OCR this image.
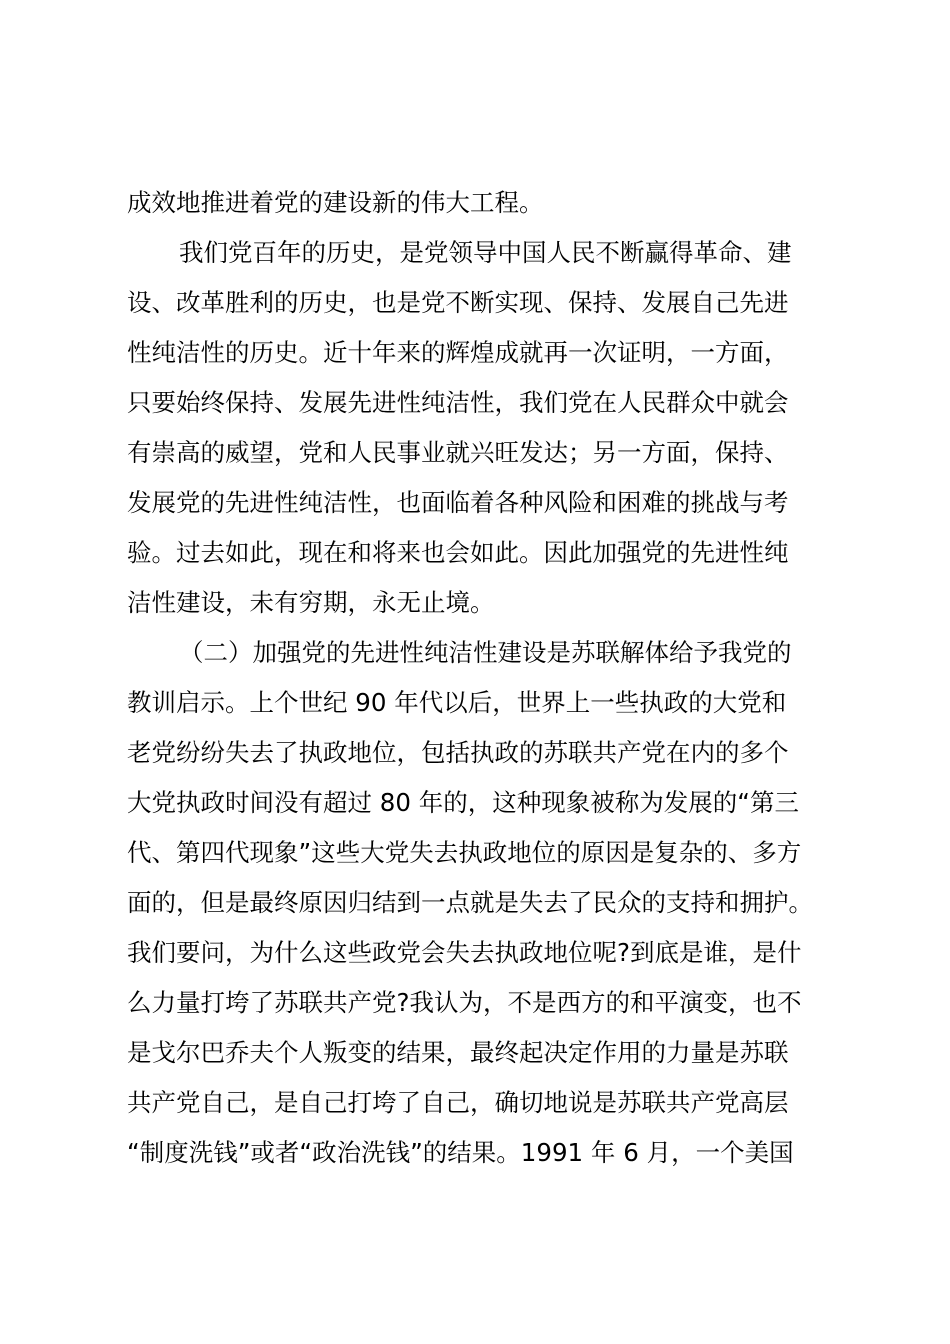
成效地推进着党的建设新的伟大工程。
我们党百年的历史，是党领导中国人民不断赢得革命、建
设、改革胜利的历史，也是党不断实现、保持、发展自己先进
性纯洁性的历史。近十年来的辉煌成就再一次证明，一方面，
只要始终保持、发展先进性纯洁性，我们党在人民群众中就会
有崇高的威望，党和人民事业就兴旺发达；另一方面，保持、
发展党的先进性纯洁性，也面临着各种风险和困难的挑战与考
验。过去如此，现在和将来也会如此。因此加强党的先进性纯
洁性建设，未有穷期，永无止境。
（二）加强党的先进性纯洁性建设是苏联解体给予我党的
教训启示。上个世纪 90 年代以后，世界上一些执政的大党和
老党纷纷失去了执政地位，包括执政的苏联共产党在内的多个
大党执政时间没有超过 80 年的，这种现象被称为发展的“第三
代、第四代现象”这些大党失去执政地位的原因是复杂的、多方
面的，但是最终原因归结到一点就是失去了民众的支持和拥护。
我们要问，为什么这些政党会失去执政地位呢?到底是谁，是什
么力量打垮了苏联共产党?我认为，不是西方的和平演变，也不
是戈尔巴乔夫个人叛变的结果，最终起决定作用的力量是苏联
共产党自己，是自己打垮了自己，确切地说是苏联共产党高层
“制度洗钱”或者“政治洗钱”的结果。1991 年 6 月，一个美国
